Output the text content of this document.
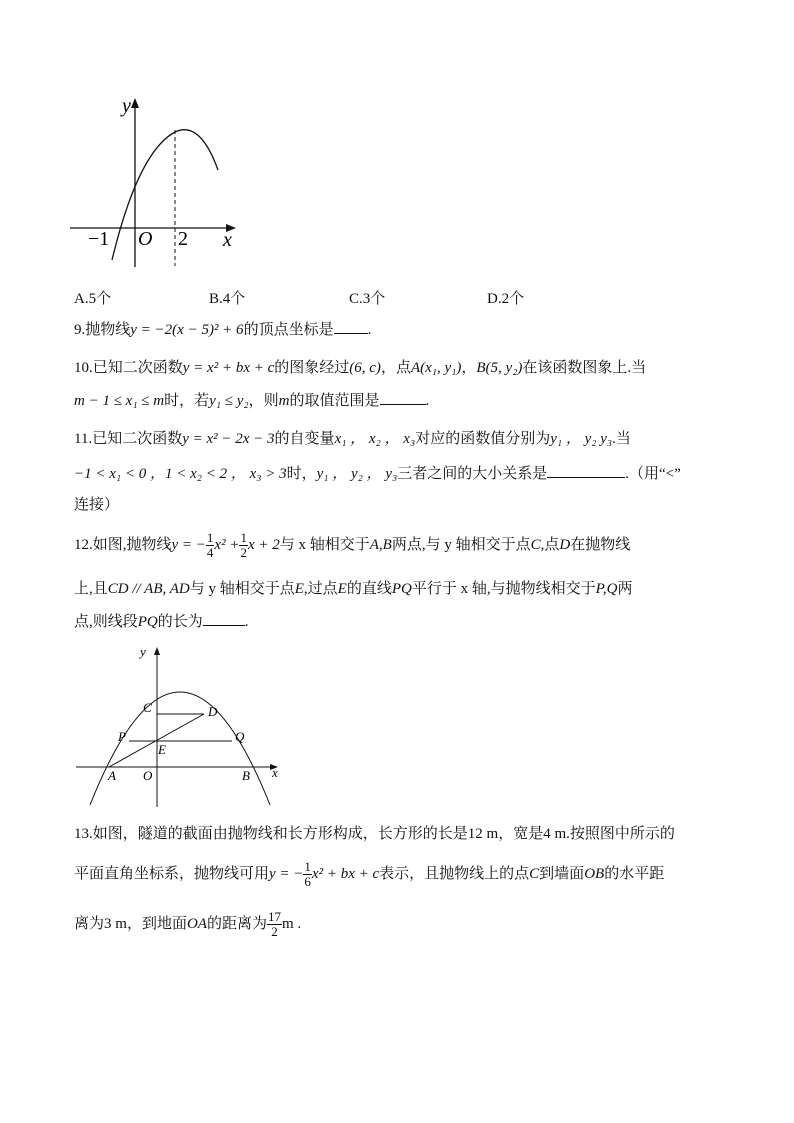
y
x
−1 O 2
A.5个	B.4个	C.3个	D.2个
9.抛物线y = −2(x − 5)² + 6的顶点坐标是 .
10.已知二次函数y = x² + bx + c的图象经过(6, c)，点A(x₁, y₁)，B(5, y₂)在该函数图象上.当
m − 1 ≤ x₁ ≤ m时，若y₁ ≤ y₂，则m的取值范围是	.
11.已知二次函数y = x² − 2x − 3的自变量x₁ ， x₂ ， x₃对应的函数值分别为y₁ ， y₂ y₃.当
−1 < x₁ < 0 ，1 < x₂ < 2 ， x₃ > 3时，y₁ ， y₂ ， y₃三者之间的大小关系是	.（用“<”
连接）
12.如图,抛物线y = − $\frac{1}{4} x^2 + \frac{1}{2}$ x + 2与 x 轴相交于A,B两点,与 y 轴相交于点C,点D在抛物线
上,且CD // AB, AD与 y 轴相交于点E,过点E的直线PQ平行于 x 轴,与抛物线相交于P,Q两
点,则线段PQ的长为	.
y
x
C	D
P	Q
E
A O	B
13.如图，隧道的截面由抛物线和长方形构成，长方形的长是12 m，宽是4 m.按照图中所示的
平面直角坐标系，抛物线可用y = − $\frac{1}{6} x^2$ + bx + c表示，且抛物线上的点C到墙面OB的水平距
离为3 m，到地面OA的距离为 $\frac{17}{2}$ m .
